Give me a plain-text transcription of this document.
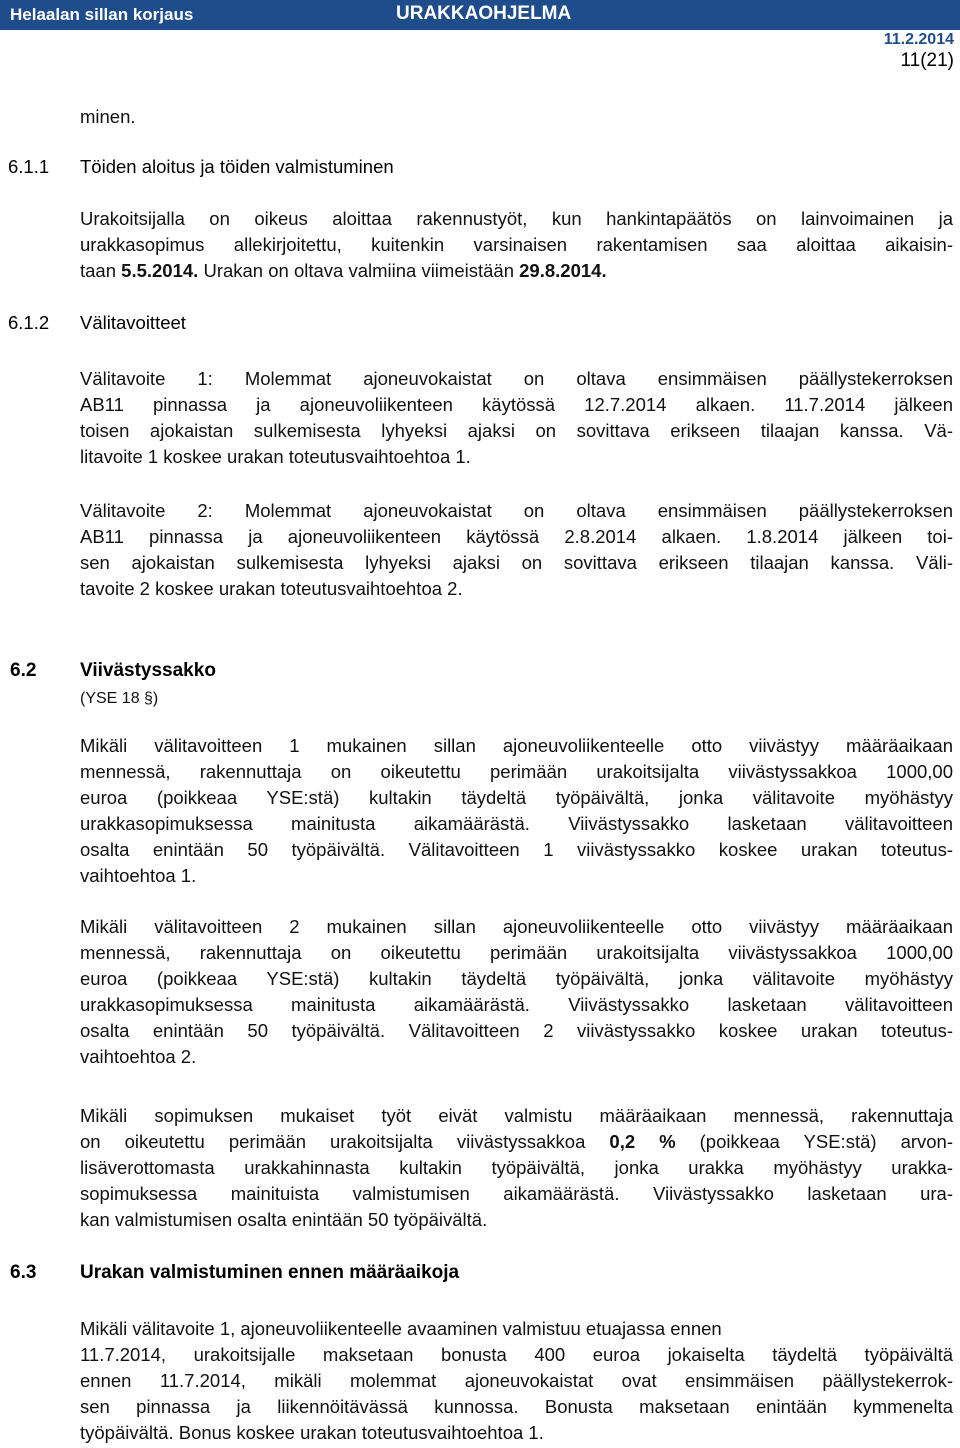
Helaalan sillan korjaus	URAKKAOHJELMA
11.2.2014
11(21)
minen.
6.1.1 Töiden aloitus ja töiden valmistuminen
Urakoitsijalla on oikeus aloittaa rakennustyöt, kun hankintapäätös on lainvoimainen ja
urakkasopimus allekirjoitettu, kuitenkin varsinaisen rakentamisen saa aloittaa aikaisin-
taan 5.5.2014. Urakan on oltava valmiina viimeistään 29.8.2014.
6.1.2 Välitavoitteet
Välitavoite 1: Molemmat ajoneuvokaistat on oltava ensimmäisen päällystekerroksen
AB11 pinnassa ja ajoneuvoliikenteen käytössä 12.7.2014 alkaen. 11.7.2014 jälkeen
toisen ajokaistan sulkemisesta lyhyeksi ajaksi on sovittava erikseen tilaajan kanssa. Vä-
litavoite 1 koskee urakan toteutusvaihtoehtoa 1.
Välitavoite 2: Molemmat ajoneuvokaistat on oltava ensimmäisen päällystekerroksen
AB11 pinnassa ja ajoneuvoliikenteen käytössä 2.8.2014 alkaen. 1.8.2014 jälkeen toi-
sen ajokaistan sulkemisesta lyhyeksi ajaksi on sovittava erikseen tilaajan kanssa. Väli-
tavoite 2 koskee urakan toteutusvaihtoehtoa 2.
6.2 Viivästyssakko
(YSE 18 §)
Mikäli välitavoitteen 1 mukainen sillan ajoneuvoliikenteelle otto viivästyy määräaikaan
mennessä, rakennuttaja on oikeutettu perimään urakoitsijalta viivästyssakkoa 1000,00
euroa (poikkeaa YSE:stä) kultakin täydeltä työpäivältä, jonka välitavoite myöhästyy
urakkasopimuksessa mainitusta aikamäärästä. Viivästyssakko lasketaan välitavoitteen
osalta enintään 50 työpäivältä. Välitavoitteen 1 viivästyssakko koskee urakan toteutus-
vaihtoehtoa 1.
Mikäli välitavoitteen 2 mukainen sillan ajoneuvoliikenteelle otto viivästyy määräaikaan
mennessä, rakennuttaja on oikeutettu perimään urakoitsijalta viivästyssakkoa 1000,00
euroa (poikkeaa YSE:stä) kultakin täydeltä työpäivältä, jonka välitavoite myöhästyy
urakkasopimuksessa mainitusta aikamäärästä. Viivästyssakko lasketaan välitavoitteen
osalta enintään 50 työpäivältä. Välitavoitteen 2 viivästyssakko koskee urakan toteutus-
vaihtoehtoa 2.
Mikäli sopimuksen mukaiset työt eivät valmistu määräaikaan mennessä, rakennuttaja
on oikeutettu perimään urakoitsijalta viivästyssakkoa 0,2 % (poikkeaa YSE:stä) arvon-
lisäverottomasta urakkahinnasta kultakin työpäivältä, jonka urakka myöhästyy urakka-
sopimuksessa mainituista valmistumisen aikamäärästä. Viivästyssakko lasketaan ura-
kan valmistumisen osalta enintään 50 työpäivältä.
6.3 Urakan valmistuminen ennen määräaikoja
Mikäli välitavoite 1, ajoneuvoliikenteelle avaaminen valmistuu etuajassa ennen
11.7.2014, urakoitsijalle maksetaan bonusta 400 euroa jokaiselta täydeltä työpäivältä
ennen 11.7.2014, mikäli molemmat ajoneuvokaistat ovat ensimmäisen päällystekerrok-
sen pinnassa ja liikennöitävässä kunnossa. Bonusta maksetaan enintään kymmenelta
työpäivältä. Bonus koskee urakan toteutusvaihtoehtoa 1.
